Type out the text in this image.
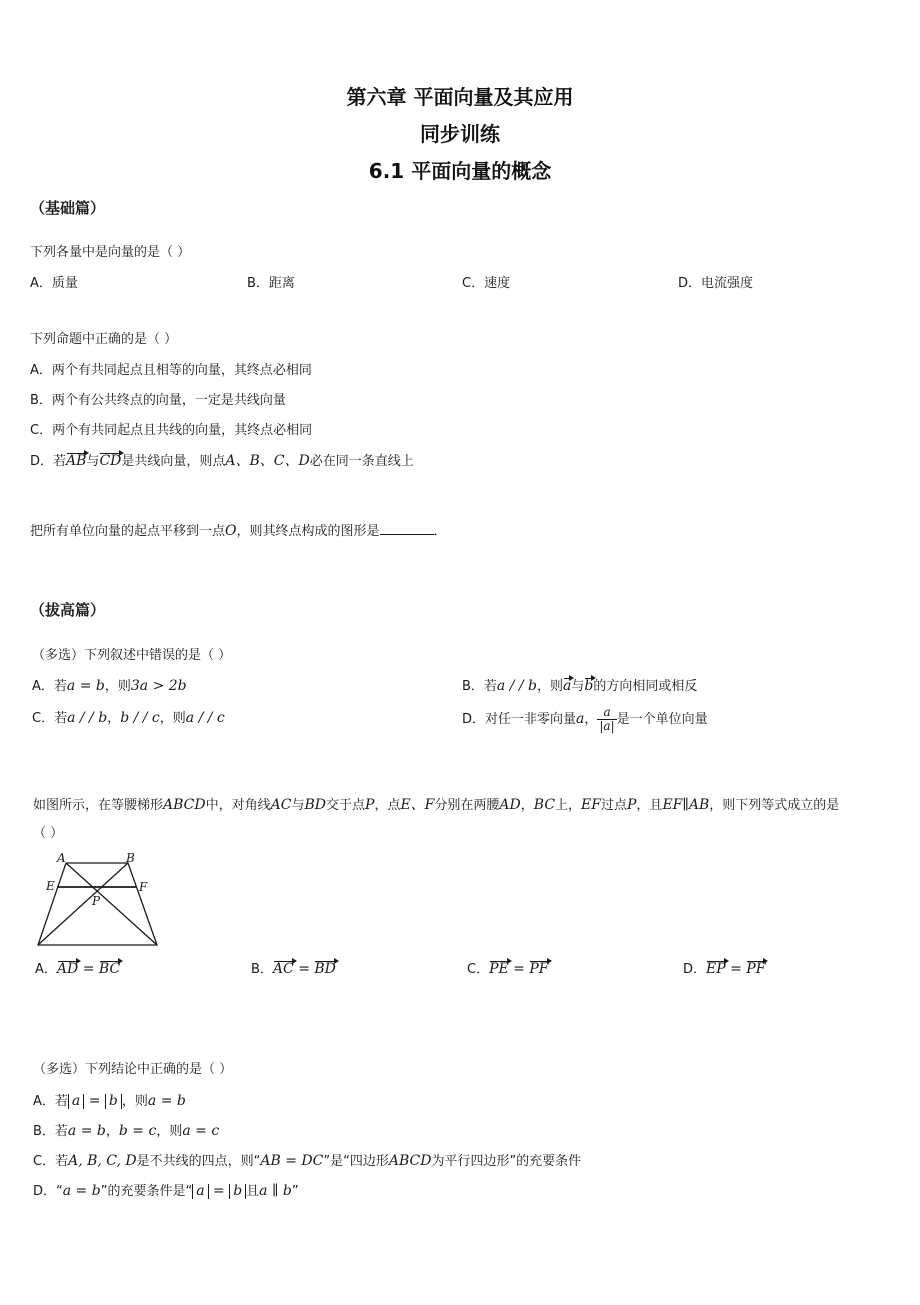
第六章 平面向量及其应用
同步训练
6.1 平面向量的概念
（基础篇）
下列各量中是向量的是（ ）
A．质量	B．距离	C．速度	D．电流强度
下列命题中正确的是（ ）
A．两个有共同起点且相等的向量，其终点必相同
B．两个有公共终点的向量，一定是共线向量
C．两个有共同起点且共线的向量，其终点必相同
D．若AB与CD是共线向量，则点A、B、C、D必在同一条直线上
把所有单位向量的起点平移到一点O，则其终点构成的图形是	．
（拔高篇）
（多选）下列叙述中错误的是（ ）
A．若a = b，则3a > 2b	B．若a / / b，则a与b的方向相同或相反
C．若a / / b，b / / c，则a / / c	D．对任一非零向量a， $\frac{a}{|a|}$ 是一个单位向量
如图所示，在等腰梯形ABCD中，对角线AC与BD交于点P，点E、F分别在两腰AD，BC上，EF过点P，且EF∥AB，则下列等式成立的是
（ ）
A	B
E	F
P
A．AD = BC	B．AC = BD	C．PE = PF	D．EP = PF
（多选）下列结论中正确的是（ ）
A．若 a = b ，则a = b
B．若a = b，b = c，则a = c
C．若A, B, C, D是不共线的四点，则“AB = DC”是“四边形ABCD为平行四边形”的充要条件
D．“a = b”的充要条件是“ a = b 且a ∥ b”
